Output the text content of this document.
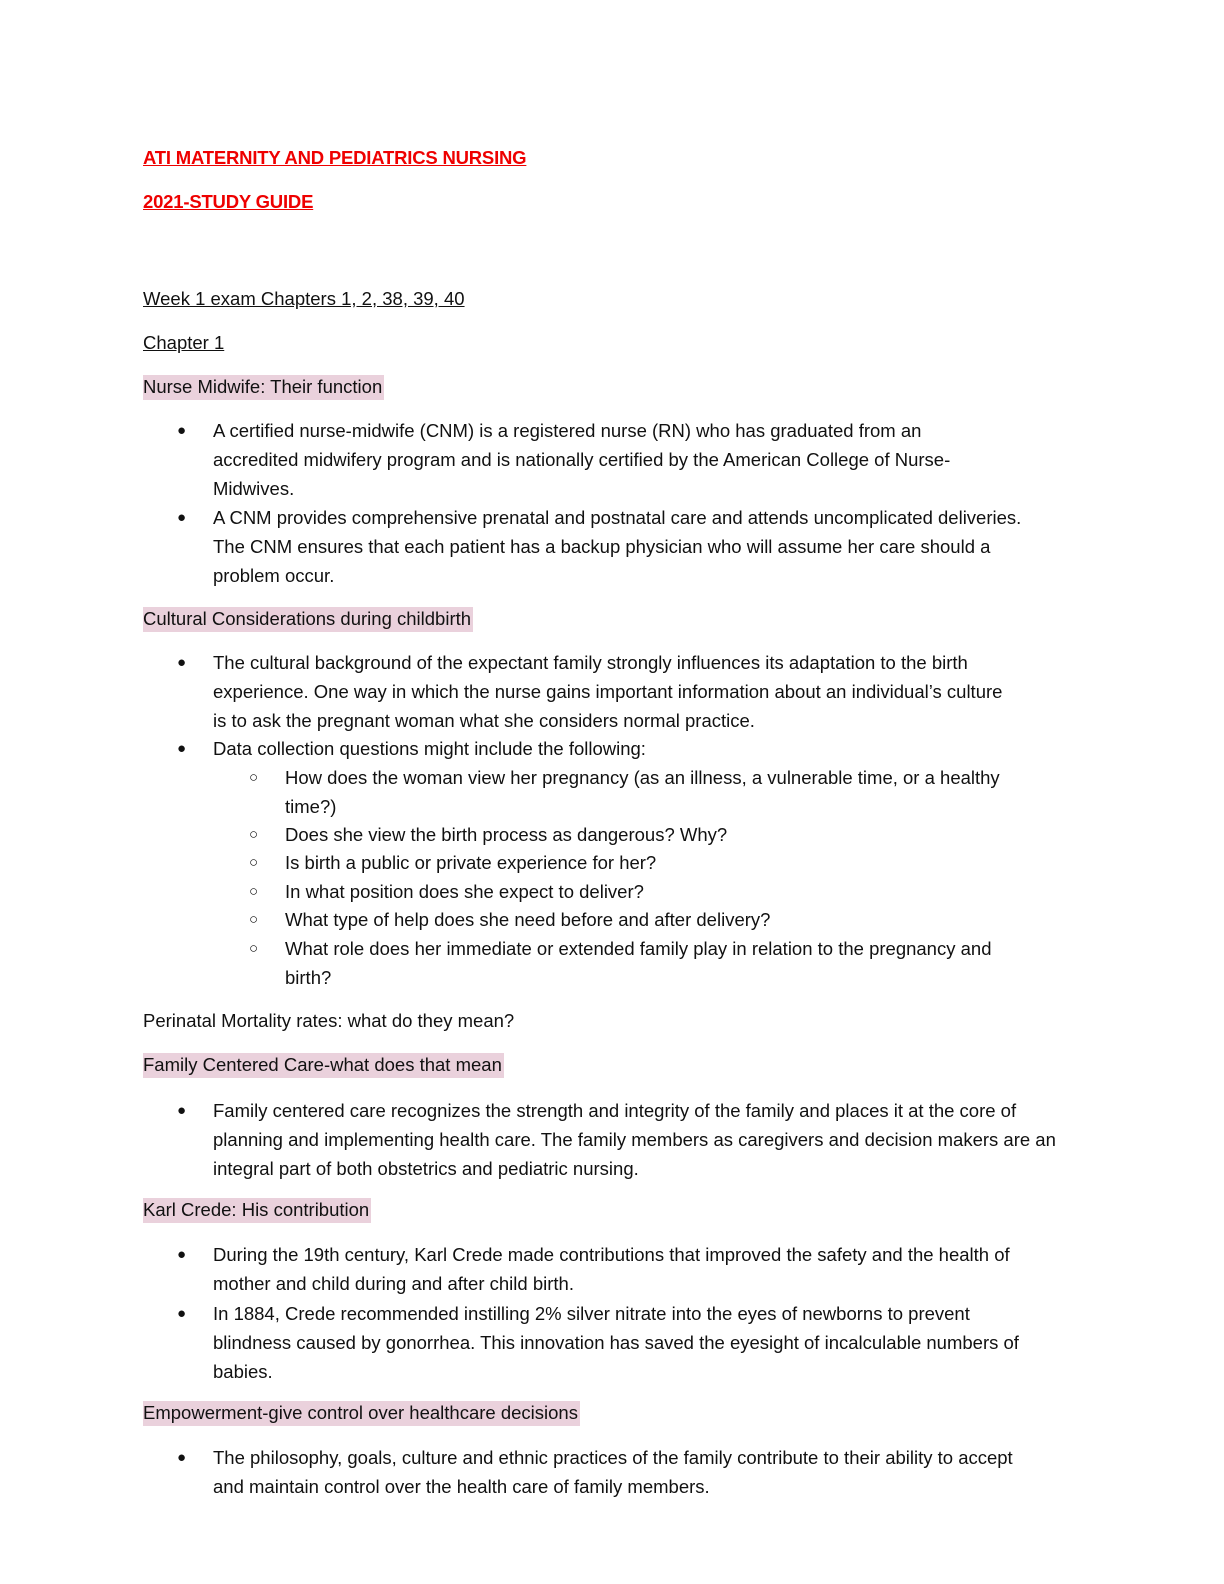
ATI MATERNITY AND PEDIATRICS NURSING
2021-STUDY GUIDE
Week 1 exam Chapters 1, 2, 38, 39, 40
Chapter 1
Nurse Midwife: Their function
● A certified nurse-midwife (CNM) is a registered nurse (RN) who has graduated from an accredited midwifery program and is nationally certified by the American College of Nurse-Midwives.
● A CNM provides comprehensive prenatal and postnatal care and attends uncomplicated deliveries. The CNM ensures that each patient has a backup physician who will assume her care should a problem occur.
Cultural Considerations during childbirth
● The cultural background of the expectant family strongly influences its adaptation to the birth experience. One way in which the nurse gains important information about an individual’s culture is to ask the pregnant woman what she considers normal practice.
● Data collection questions might include the following:
○ How does the woman view her pregnancy (as an illness, a vulnerable time, or a healthy time?)
○ Does she view the birth process as dangerous? Why?
○ Is birth a public or private experience for her?
○ In what position does she expect to deliver?
○ What type of help does she need before and after delivery?
○ What role does her immediate or extended family play in relation to the pregnancy and birth?
Perinatal Mortality rates: what do they mean?
Family Centered Care-what does that mean
● Family centered care recognizes the strength and integrity of the family and places it at the core of planning and implementing health care. The family members as caregivers and decision makers are an integral part of both obstetrics and pediatric nursing.
Karl Crede: His contribution
● During the 19th century, Karl Crede made contributions that improved the safety and the health of mother and child during and after child birth.
● In 1884, Crede recommended instilling 2% silver nitrate into the eyes of newborns to prevent blindness caused by gonorrhea. This innovation has saved the eyesight of incalculable numbers of babies.
Empowerment-give control over healthcare decisions
● The philosophy, goals, culture and ethnic practices of the family contribute to their ability to accept and maintain control over the health care of family members.
